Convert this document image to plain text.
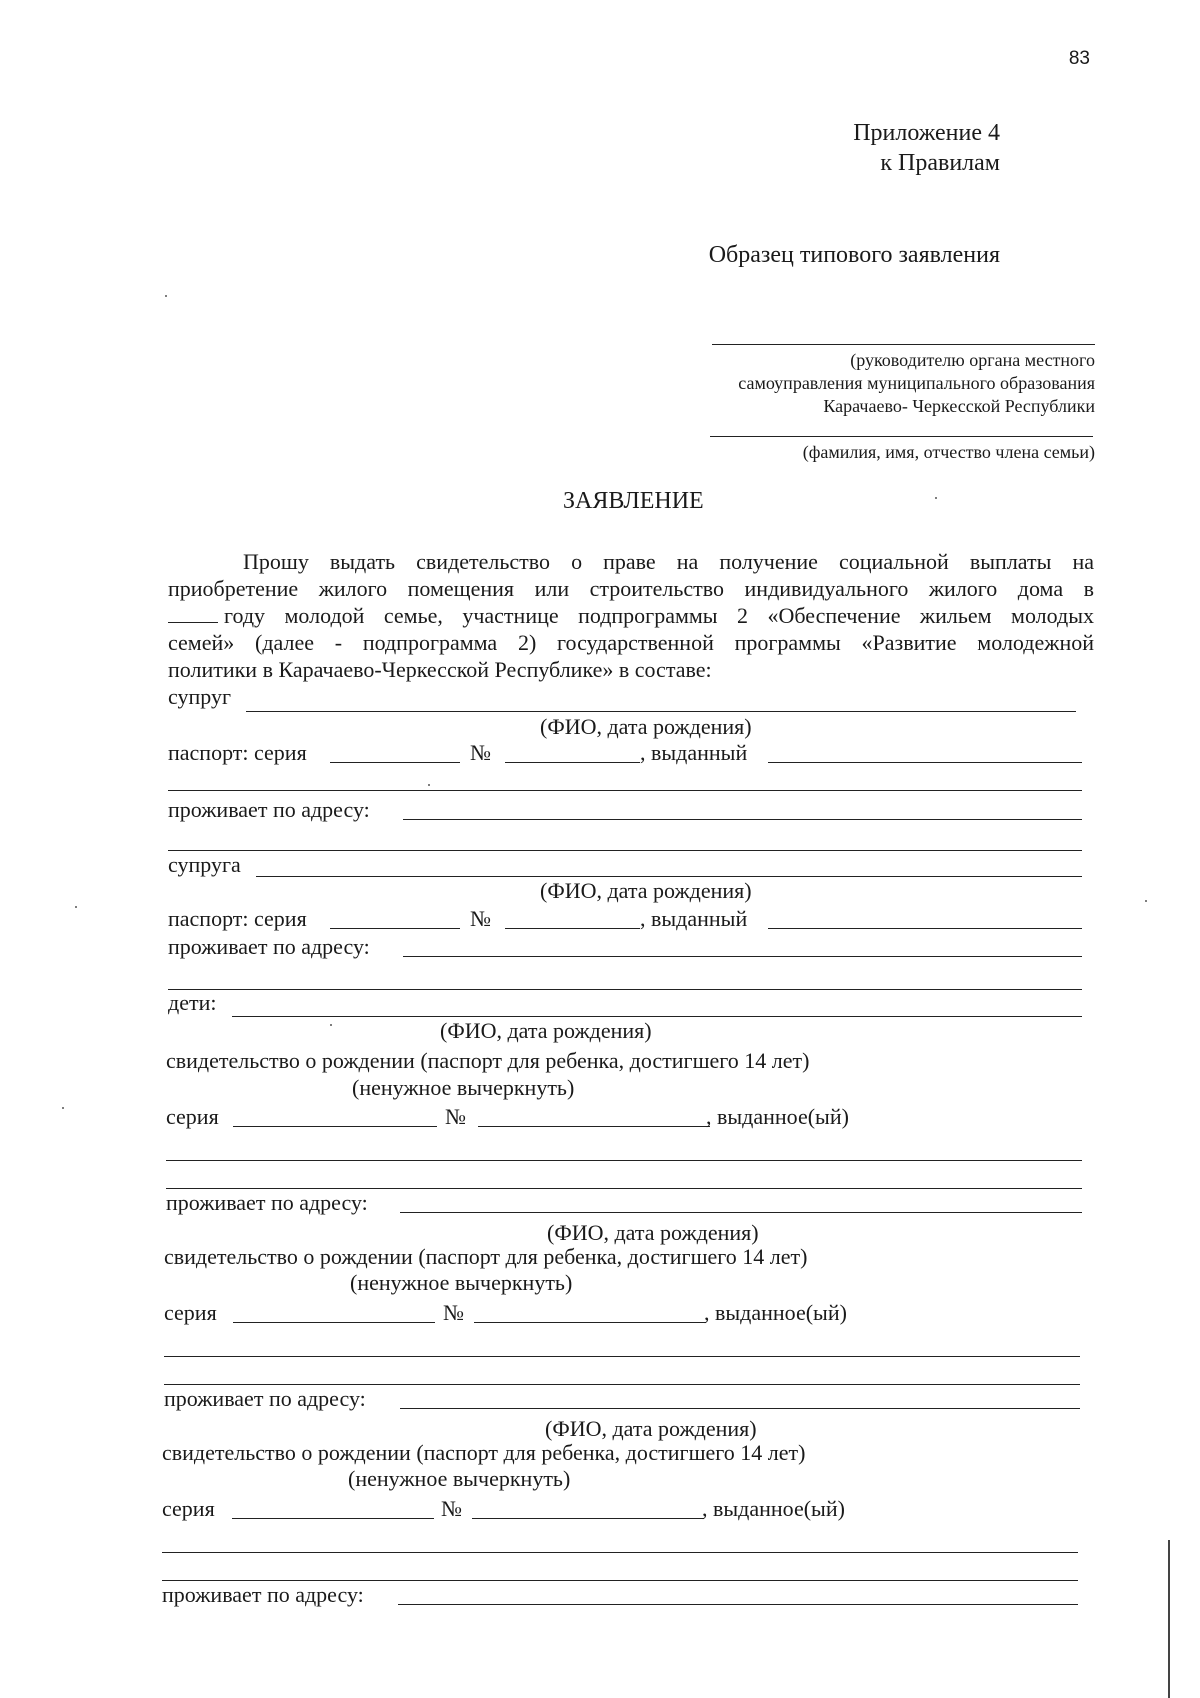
83
Приложение 4
к Правилам
Образец типового заявления
(руководителю органа местного
самоуправления муниципального образования
Карачаево- Черкесской Республики
(фамилия, имя, отчество члена семьи)
ЗАЯВЛЕНИЕ
Прошу выдать свидетельство о праве на получение социальной выплаты на
приобретение жилого помещения или строительство индивидуального жилого дома в
году молодой семье, участнице подпрограммы 2 «Обеспечение жильем молодых
семей» (далее - подпрограмма 2) государственной программы «Развитие молодежной
политики в Карачаево-Черкесской Республике» в составе:
супруг
(ФИО, дата рождения)
паспорт: серия	№	, выданный
проживает по адресу:
супруга
(ФИО, дата рождения)
паспорт: серия	№	, выданный
проживает по адресу:
дети:
(ФИО, дата рождения)
свидетельство о рождении (паспорт для ребенка, достигшего 14 лет)
(ненужное вычеркнуть)
серия	№	, выданное(ый)
проживает по адресу:
(ФИО, дата рождения)
свидетельство о рождении (паспорт для ребенка, достигшего 14 лет)
(ненужное вычеркнуть)
серия	№	, выданное(ый)
проживает по адресу:
(ФИО, дата рождения)
свидетельство о рождении (паспорт для ребенка, достигшего 14 лет)
(ненужное вычеркнуть)
серия	№	, выданное(ый)
проживает по адресу:
